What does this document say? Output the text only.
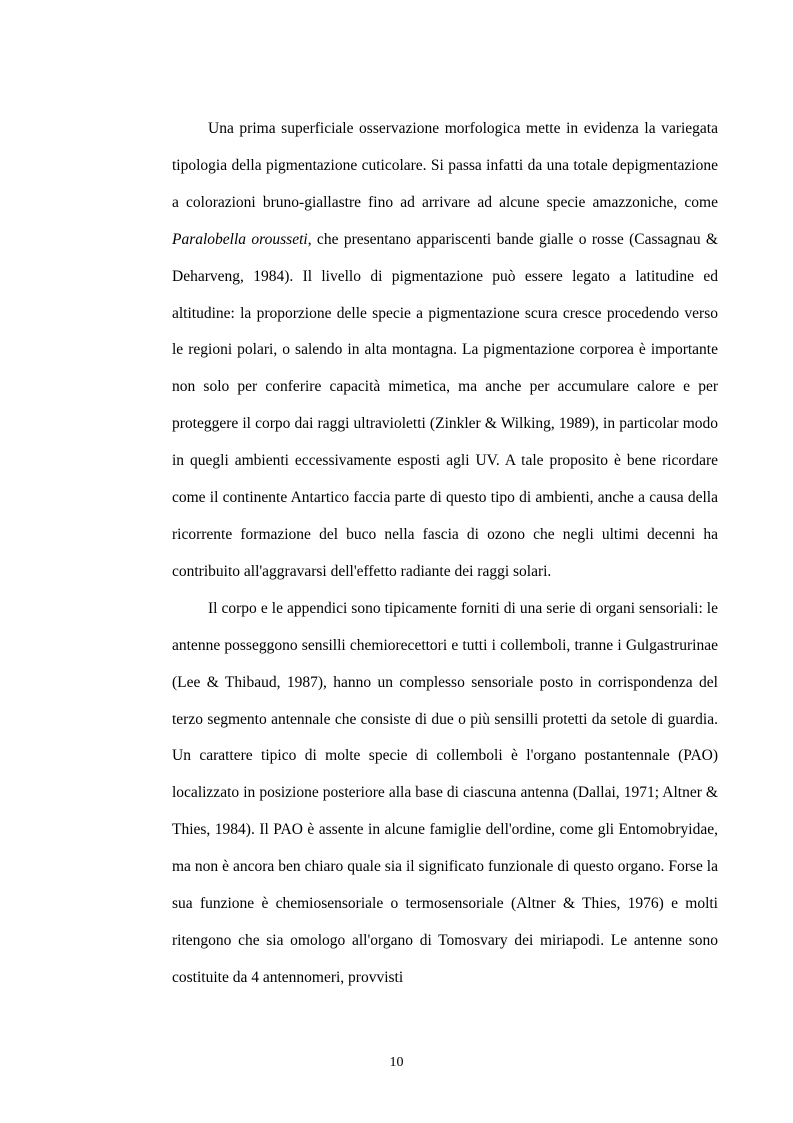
Una prima superficiale osservazione morfologica mette in evidenza la variegata tipologia della pigmentazione cuticolare. Si passa infatti da una totale depigmentazione a colorazioni bruno-giallastre fino ad arrivare ad alcune specie amazzoniche, come Paralobella orousseti, che presentano appariscenti bande gialle o rosse (Cassagnau & Deharveng, 1984). Il livello di pigmentazione può essere legato a latitudine ed altitudine: la proporzione delle specie a pigmentazione scura cresce procedendo verso le regioni polari, o salendo in alta montagna. La pigmentazione corporea è importante non solo per conferire capacità mimetica, ma anche per accumulare calore e per proteggere il corpo dai raggi ultravioletti (Zinkler & Wilking, 1989), in particolar modo in quegli ambienti eccessivamente esposti agli UV. A tale proposito è bene ricordare come il continente Antartico faccia parte di questo tipo di ambienti, anche a causa della ricorrente formazione del buco nella fascia di ozono che negli ultimi decenni ha contribuito all'aggravarsi dell'effetto radiante dei raggi solari.

Il corpo e le appendici sono tipicamente forniti di una serie di organi sensoriali: le antenne posseggono sensilli chemiorecettori e tutti i collemboli, tranne i Gulgastrurinae (Lee & Thibaud, 1987), hanno un complesso sensoriale posto in corrispondenza del terzo segmento antennale che consiste di due o più sensilli protetti da setole di guardia. Un carattere tipico di molte specie di collemboli è l'organo postantennale (PAO) localizzato in posizione posteriore alla base di ciascuna antenna (Dallai, 1971; Altner & Thies, 1984). Il PAO è assente in alcune famiglie dell'ordine, come gli Entomobryidae, ma non è ancora ben chiaro quale sia il significato funzionale di questo organo. Forse la sua funzione è chemiosensoriale o termosensoriale (Altner & Thies, 1976) e molti ritengono che sia omologo all'organo di Tomosvary dei miriapodi. Le antenne sono costituite da 4 antennomeri, provvisti

10
